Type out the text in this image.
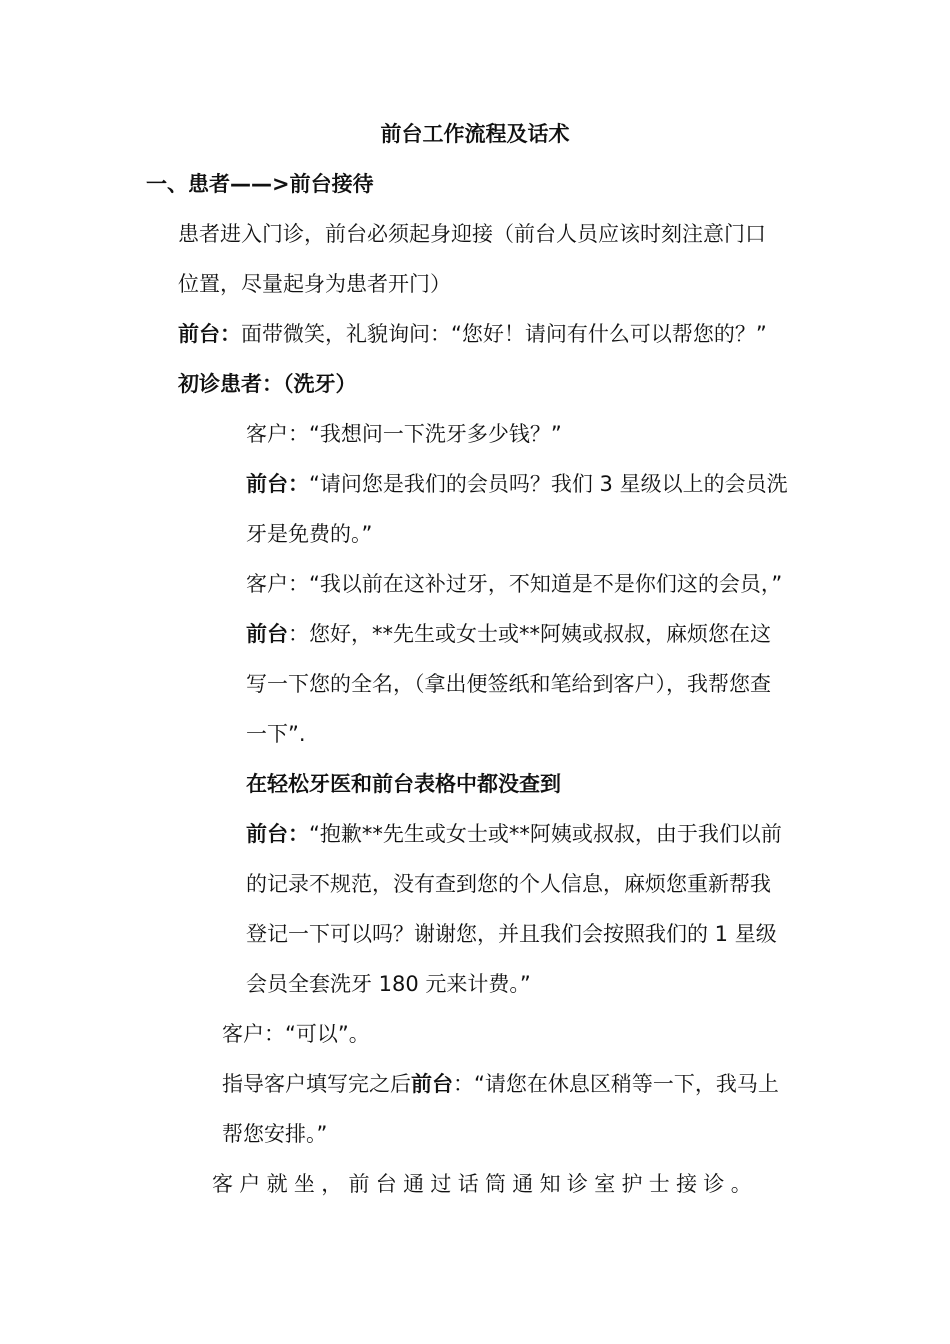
前台工作流程及话术
一、患者——>前台接待
患者进入门诊，前台必须起身迎接（前台人员应该时刻注意门口
位置，尽量起身为患者开门）
前台：面带微笑，礼貌询问：“您好！请问有什么可以帮您的？”
初诊患者：（洗牙）
客户：“我想问一下洗牙多少钱？”
前台：“请问您是我们的会员吗？我们 3 星级以上的会员洗
牙是免费的。”
客户：“我以前在这补过牙，不知道是不是你们这的会员，”
前台：您好，**先生或女士或**阿姨或叔叔，麻烦您在这
写一下您的全名，（拿出便签纸和笔给到客户），我帮您查
一下”.
在轻松牙医和前台表格中都没查到
前台：“抱歉**先生或女士或**阿姨或叔叔，由于我们以前
的记录不规范，没有查到您的个人信息，麻烦您重新帮我
登记一下可以吗？谢谢您，并且我们会按照我们的 1 星级
会员全套洗牙 180 元来计费。”
客户：“可以”。
指导客户填写完之后前台：“请您在休息区稍等一下，我马上
帮您安排。”
客户就坐，前台通过话筒通知诊室护士接诊。
